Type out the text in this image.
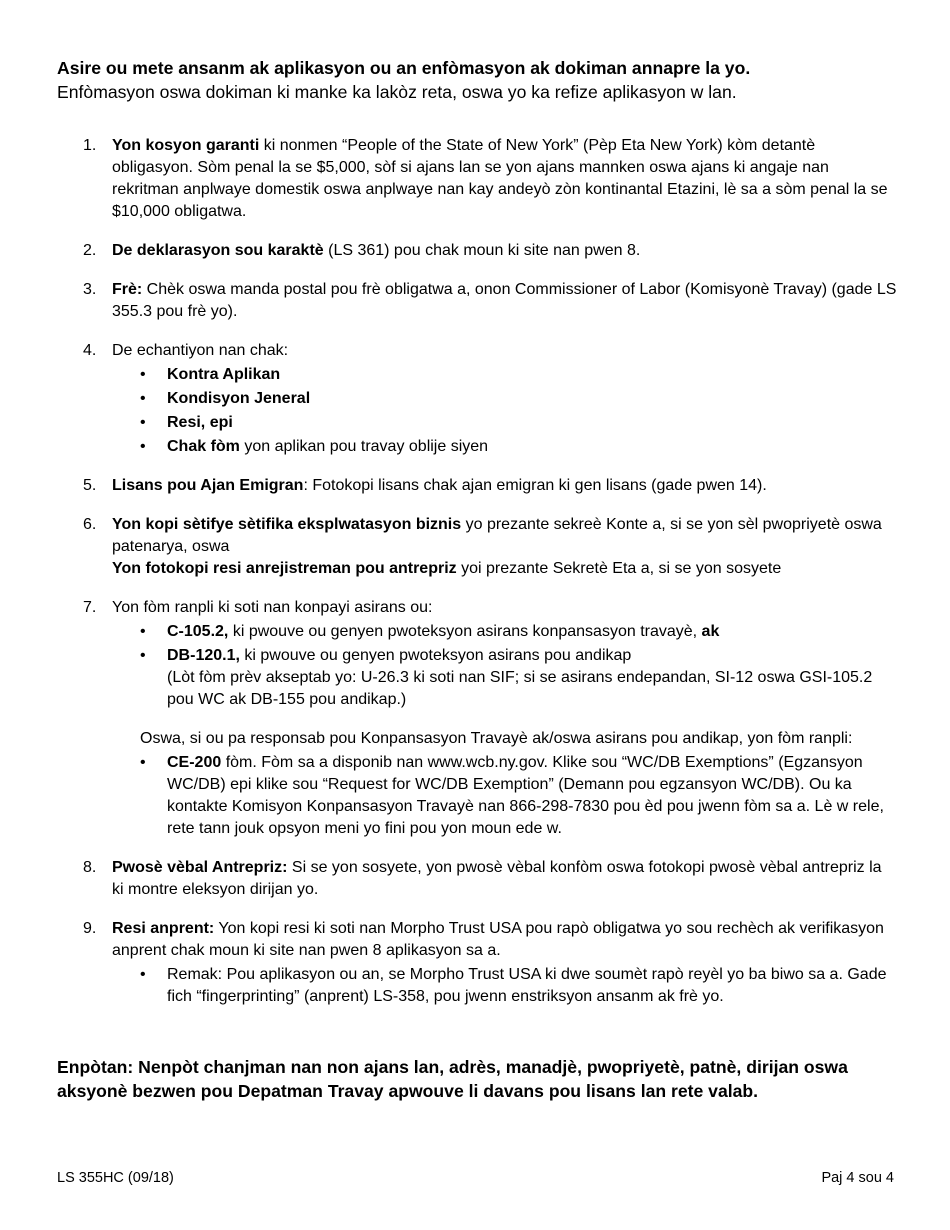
Asire ou mete ansanm ak aplikasyon ou an enfòmasyon ak dokiman annapre la yo.

Enfòmasyon oswa dokiman ki manke ka lakòz reta, oswa yo ka refize aplikasyon w lan.

1. Yon kosyon garanti ki nonmen “People of the State of New York” (Pèp Eta New York) kòm detantè obligasyon. Sòm penal la se $5,000, sòf si ajans lan se yon ajans mannken oswa ajans ki angaje nan rekritman anplwaye domestik oswa anplwaye nan kay andeyò zòn kontinantal Etazini, lè sa a sòm penal la se $10,000 obligatwa.
2. De deklarasyon sou karaktè (LS 361) pou chak moun ki site nan pwen 8.
3. Frè: Chèk oswa manda postal pou frè obligatwa a, onon Commissioner of Labor (Komisyonè Travay) (gade LS 355.3 pou frè yo).
4. De echantiyon nan chak:
• Kontra Aplikan
• Kondisyon Jeneral
• Resi, epi
• Chak fòm yon aplikan pou travay oblije siyen
5. Lisans pou Ajan Emigran: Fotokopi lisans chak ajan emigran ki gen lisans (gade pwen 14).
6. Yon kopi sètifye sètifika eksplwatasyon biznis yo prezante sekreè Konte a, si se yon sèl pwopriyetè oswa patenarya, oswa
Yon fotokopi resi anrejistreman pou antrepriz yoi prezante Sekretè Eta a, si se yon sosyete
7. Yon fòm ranpli ki soti nan konpayi asirans ou:
• C-105.2, ki pwouve ou genyen pwoteksyon asirans konpansasyon travayè, ak
• DB-120.1, ki pwouve ou genyen pwoteksyon asirans pou andikap
(Lòt fòm prèv akseptab yo: U-26.3 ki soti nan SIF; si se asirans endepandan, SI-12 oswa GSI-105.2 pou WC ak DB-155 pou andikap.)

Oswa, si ou pa responsab pou Konpansasyon Travayè ak/oswa asirans pou andikap, yon fòm ranpli:

• CE-200 fòm. Fòm sa a disponib nan www.wcb.ny.gov. Klike sou “WC/DB Exemptions” (Egzansyon WC/DB) epi klike sou “Request for WC/DB Exemption” (Demann pou egzansyon WC/DB). Ou ka kontakte Komisyon Konpansasyon Travayè nan 866-298-7830 pou èd pou jwenn fòm sa a. Lè w rele, rete tann jouk opsyon meni yo fini pou yon moun ede w.
8. Pwosè vèbal Antrepriz: Si se yon sosyete, yon pwosè vèbal konfòm oswa fotokopi pwosè vèbal antrepriz la ki montre eleksyon dirijan yo.
9. Resi anprent: Yon kopi resi ki soti nan Morpho Trust USA pou rapò obligatwa yo sou rechèch ak verifikasyon anprent chak moun ki site nan pwen 8 aplikasyon sa a.
• Remak: Pou aplikasyon ou an, se Morpho Trust USA ki dwe soumèt rapò reyèl yo ba biwo sa a. Gade fich “fingerprinting” (anprent) LS-358, pou jwenn enstriksyon ansanm ak frè yo.

Enpòtan: Nenpòt chanjman nan non ajans lan, adrès, manadjè, pwopriyetè, patnè, dirijan oswa aksyonè bezwen pou Depatman Travay apwouve li davans pou lisans lan rete valab.

LS 355HC (09/18)	Paj 4 sou 4
